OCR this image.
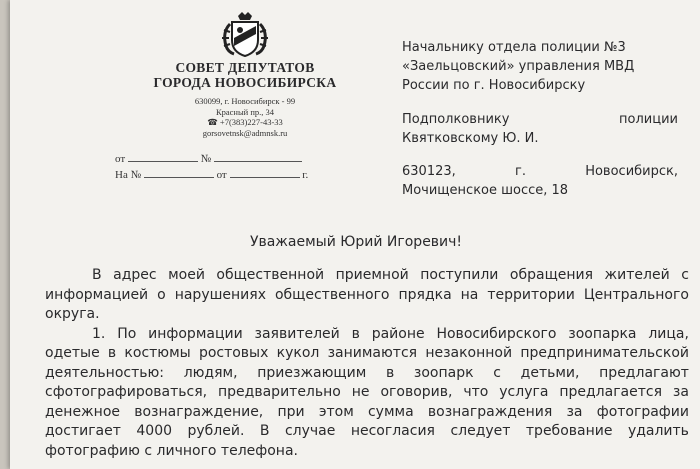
СОВЕТ ДЕПУТАТОВ
ГОРОДА НОВОСИБИРСКА
630099, г. Новосибирск - 99
Красный пр., 34
☎ +7(383)227-43-33
gorsovetnsk@admnsk.ru
от	№
На №	от	г.
Начальнику отдела полиции №3
«Заельцовский» управления МВД
России по г. Новосибирску
Подполковнику	полиции
Квятковскому Ю. И.
630123,	г.	Новосибирск,
Мочищенское шоссе, 18
Уважаемый Юрий Игоревич!
В адрес моей общественной приемной поступили обращения жителей с
информацией о нарушениях общественного прядка на территории Центрального
округа.
1. По информации заявителей в районе Новосибирского зоопарка лица,
одетые в костюмы ростовых кукол занимаются незаконной предпринимательской
деятельностью: людям, приезжающим в зоопарк с детьми, предлагают
сфотографироваться, предварительно не оговорив, что услуга предлагается за
денежное вознаграждение, при этом сумма вознаграждения за фотографии
достигает 4000 рублей. В случае несогласия следует требование удалить
фотографию с личного телефона.
